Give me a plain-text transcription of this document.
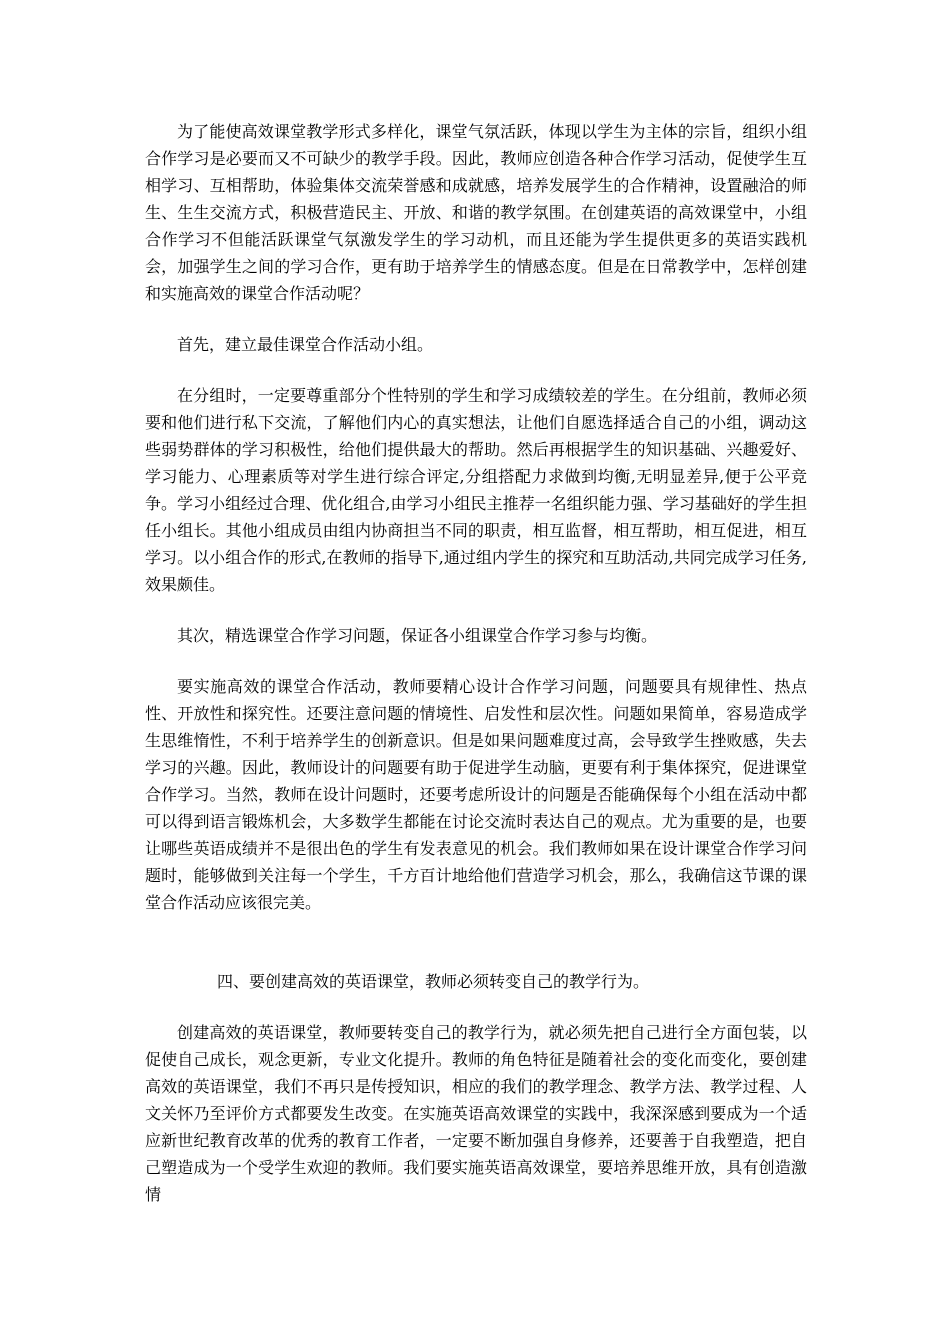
为了能使高效课堂教学形式多样化，课堂气氛活跃，体现以学生为主体的宗旨，组织小组合作学习是必要而又不可缺少的教学手段。因此，教师应创造各种合作学习活动，促使学生互相学习、互相帮助，体验集体交流荣誉感和成就感，培养发展学生的合作精神，设置融洽的师生、生生交流方式，积极营造民主、开放、和谐的教学氛围。在创建英语的高效课堂中，小组合作学习不但能活跃课堂气氛激发学生的学习动机，而且还能为学生提供更多的英语实践机会，加强学生之间的学习合作，更有助于培养学生的情感态度。但是在日常教学中，怎样创建和实施高效的课堂合作活动呢？

首先，建立最佳课堂合作活动小组。

在分组时，一定要尊重部分个性特别的学生和学习成绩较差的学生。在分组前，教师必须要和他们进行私下交流，了解他们内心的真实想法，让他们自愿选择适合自己的小组，调动这些弱势群体的学习积极性，给他们提供最大的帮助。然后再根据学生的知识基础、兴趣爱好、学习能力、心理素质等对学生进行综合评定,分组搭配力求做到均衡,无明显差异,便于公平竞争。学习小组经过合理、优化组合,由学习小组民主推荐一名组织能力强、学习基础好的学生担任小组长。其他小组成员由组内协商担当不同的职责，相互监督，相互帮助，相互促进，相互学习。以小组合作的形式,在教师的指导下,通过组内学生的探究和互助活动,共同完成学习任务,效果颇佳。

其次，精选课堂合作学习问题，保证各小组课堂合作学习参与均衡。

要实施高效的课堂合作活动，教师要精心设计合作学习问题，问题要具有规律性、热点性、开放性和探究性。还要注意问题的情境性、启发性和层次性。问题如果简单，容易造成学生思维惰性，不利于培养学生的创新意识。但是如果问题难度过高，会导致学生挫败感，失去学习的兴趣。因此，教师设计的问题要有助于促进学生动脑，更要有利于集体探究，促进课堂合作学习。当然，教师在设计问题时，还要考虑所设计的问题是否能确保每个小组在活动中都可以得到语言锻炼机会，大多数学生都能在讨论交流时表达自己的观点。尤为重要的是，也要让哪些英语成绩并不是很出色的学生有发表意见的机会。我们教师如果在设计课堂合作学习问题时，能够做到关注每一个学生，千方百计地给他们营造学习机会，那么，我确信这节课的课堂合作活动应该很完美。

四、要创建高效的英语课堂，教师必须转变自己的教学行为。

创建高效的英语课堂，教师要转变自己的教学行为，就必须先把自己进行全方面包装，以促使自己成长，观念更新，专业文化提升。教师的角色特征是随着社会的变化而变化，要创建高效的英语课堂，我们不再只是传授知识，相应的我们的教学理念、教学方法、教学过程、人文关怀乃至评价方式都要发生改变。在实施英语高效课堂的实践中，我深深感到要成为一个适应新世纪教育改革的优秀的教育工作者，一定要不断加强自身修养，还要善于自我塑造，把自己塑造成为一个受学生欢迎的教师。我们要实施英语高效课堂，要培养思维开放，具有创造激情
